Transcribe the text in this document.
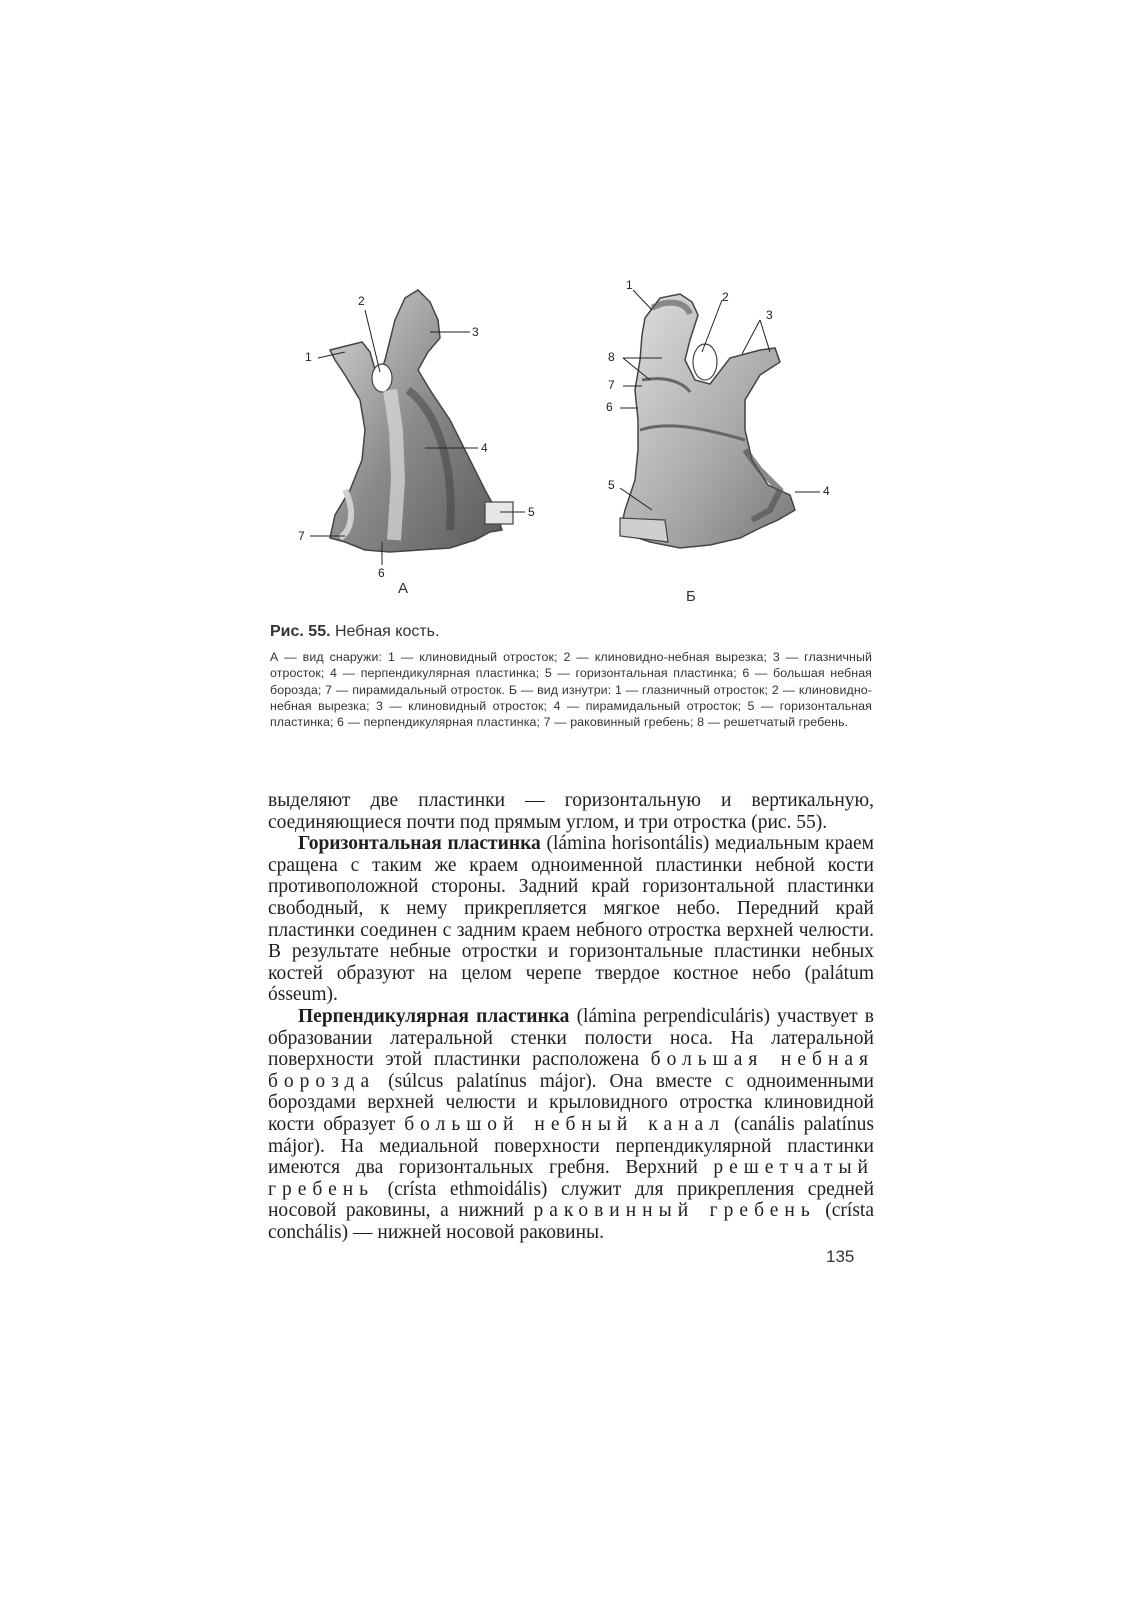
2
1
3
4
5
7
6
1
2
3
8
7
6
5	4
А	Б

Рис. 55. Небная кость.

А — вид снаружи: 1 — клиновидный отросток; 2 — клиновидно-небная вырезка; 3 — глазничный отросток; 4 — перпендикулярная пластинка; 5 — горизонтальная пластинка; 6 — большая небная борозда; 7 — пирамидальный отросток. Б — вид изнутри: 1 — глазничный отросток; 2 — клиновидно-небная вырезка; 3 — клиновидный отросток; 4 — пирамидальный отросток; 5 — горизонтальная пластинка; 6 — перпендикулярная пластинка; 7 — раковинный гребень; 8 — решетчатый гребень.

выделяют две пластинки — горизонтальную и вертикальную, соединяющиеся почти под прямым углом, и три отростка (рис. 55).

Горизонтальная пластинка (lámina horisontális) медиальным краем сращена с таким же краем одноименной пластинки небной кости противоположной стороны. Задний край горизонтальной пластинки свободный, к нему прикрепляется мягкое небо. Передний край пластинки соединен с задним краем небного отростка верхней челюсти. В результате небные отростки и горизонтальные пластинки небных костей образуют на целом черепе твердое костное небо (palátum ósseum).

Перпендикулярная пластинка (lámina perpendiculáris) участвует в образовании латеральной стенки полости носа. На латеральной поверхности этой пластинки расположена большая небная борозда (súlcus palatínus májor). Она вместе с одноименными бороздами верхней челюсти и крыловидного отростка клиновидной кости образует большой небный канал (canális palatínus májor). На медиальной поверхности перпендикулярной пластинки имеются два горизонтальных гребня. Верхний решетчатый гребень (crísta ethmoidális) служит для прикрепления средней носовой раковины, а нижний раковинный гребень (crísta conchális) — нижней носовой раковины.

135
